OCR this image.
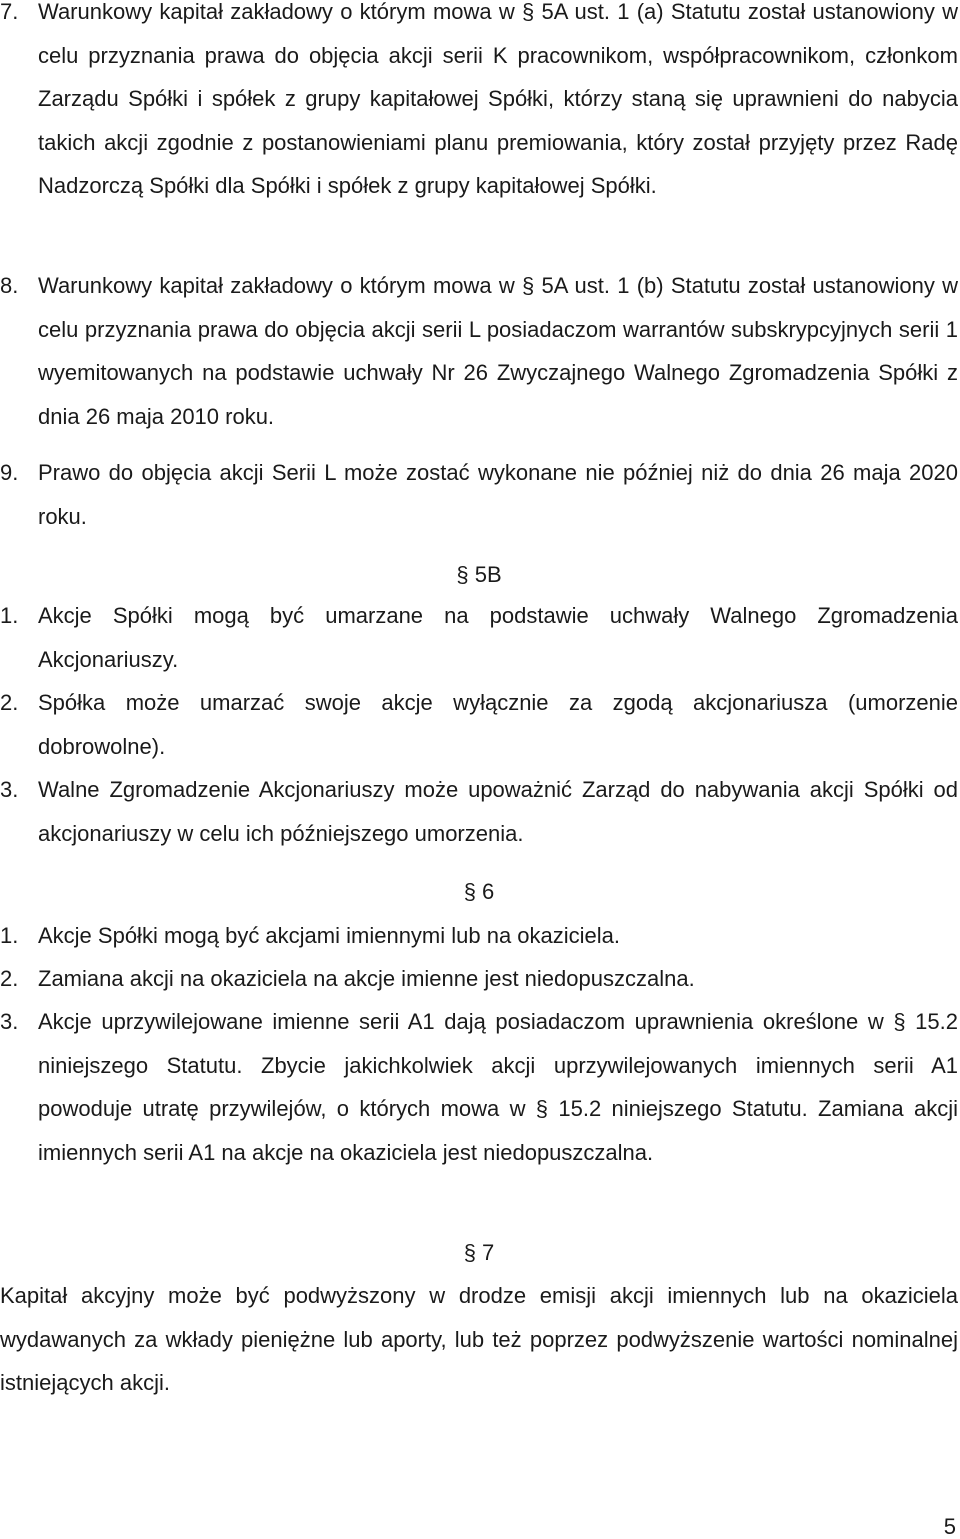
7. Warunkowy kapitał zakładowy o którym mowa w § 5A ust. 1 (a) Statutu został ustanowiony w celu przyznania prawa do objęcia akcji serii K pracownikom, współpracownikom, członkom Zarządu Spółki i spółek z grupy kapitałowej Spółki, którzy staną się uprawnieni do nabycia takich akcji zgodnie z postanowieniami planu premiowania, który został przyjęty przez Radę Nadzorczą Spółki dla Spółki i spółek z grupy kapitałowej Spółki.
8. Warunkowy kapitał zakładowy o którym mowa w § 5A ust. 1 (b) Statutu został ustanowiony w celu przyznania prawa do objęcia akcji serii L posiadaczom warrantów subskrypcyjnych serii 1 wyemitowanych na podstawie uchwały Nr 26 Zwyczajnego Walnego Zgromadzenia Spółki z dnia 26 maja 2010 roku.
9. Prawo do objęcia akcji Serii L może zostać wykonane nie później niż do dnia 26 maja 2020 roku.
§ 5B
1. Akcje Spółki mogą być umarzane na podstawie uchwały Walnego Zgromadzenia Akcjonariuszy.
2. Spółka może umarzać swoje akcje wyłącznie za zgodą akcjonariusza (umorzenie dobrowolne).
3. Walne Zgromadzenie Akcjonariuszy może upoważnić Zarząd do nabywania akcji Spółki od akcjonariuszy w celu ich późniejszego umorzenia.
§ 6
1. Akcje Spółki mogą być akcjami imiennymi lub na okaziciela.
2. Zamiana akcji na okaziciela na akcje imienne jest niedopuszczalna.
3. Akcje uprzywilejowane imienne serii A1 dają posiadaczom uprawnienia określone w § 15.2 niniejszego Statutu. Zbycie jakichkolwiek akcji uprzywilejowanych imiennych serii A1 powoduje utratę przywilejów, o których mowa w § 15.2 niniejszego Statutu. Zamiana akcji imiennych serii A1 na akcje na okaziciela jest niedopuszczalna.
§ 7
Kapitał akcyjny może być podwyższony w drodze emisji akcji imiennych lub na okaziciela wydawanych za wkłady pieniężne lub aporty, lub też poprzez podwyższenie wartości nominalnej istniejących akcji.
5
